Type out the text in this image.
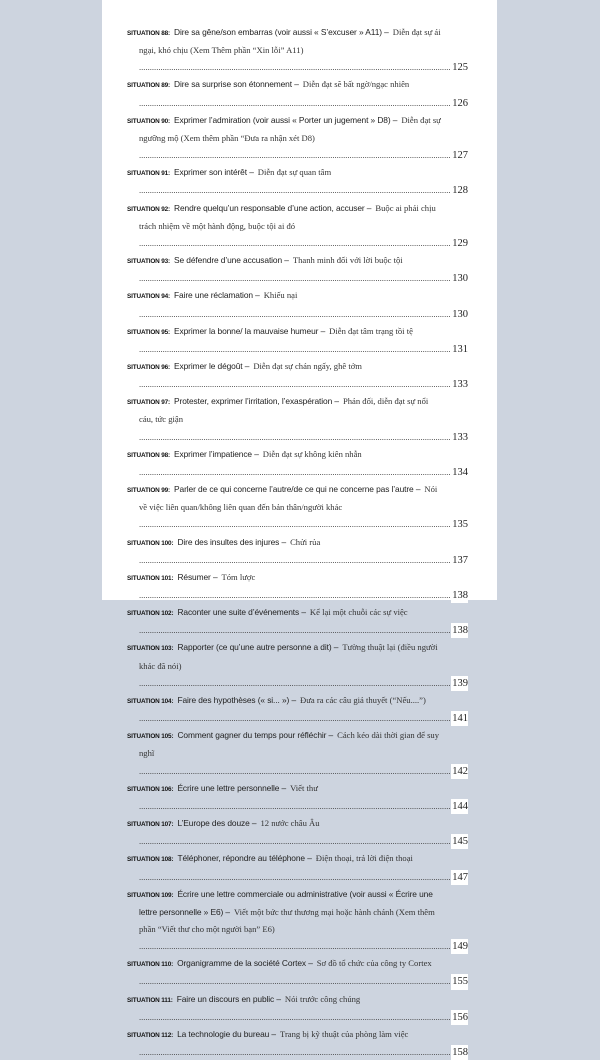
SITUATION 88: Dire sa gêne/son embarras (voir aussi « S’excuser » A11) – Diễn đạt sự ái ngại, khó chịu (Xem Thêm phần “Xin lỗi” A11) .....
125
SITUATION 89: Dire sa surprise son étonnement – Diễn đạt sẽ bất ngờ/ngạc nhiên .....
126
SITUATION 90: Exprimer l’admiration (voir aussi « Porter un jugement » D8) – Diễn đạt sự ngưỡng mộ (Xem thêm phần “Đưa ra nhận xét D8) .....
127
SITUATION 91: Exprimer son intérêt – Diễn đạt sự quan tâm .....
128
SITUATION 92: Rendre quelqu’un responsable d’une action, accuser – Buộc ai phải chịu trách nhiệm về một hành động, buộc tội ai đó .....
129
SITUATION 93: Se défendre d’une accusation – Thanh minh đối với lời buộc tội .....
130
SITUATION 94: Faire une réclamation – Khiếu nại .....
130
SITUATION 95: Exprimer la bonne/ la mauvaise humeur – Diễn đạt tâm trạng tồi tệ .....
131
SITUATION 96: Exprimer le dégoût – Diễn đạt sự chán ngấy, ghê tởm .....
133
SITUATION 97: Protester, exprimer l’irritation, l’exaspération – Phản đối, diễn đạt sự nổi cáu, tức giận .....
133
SITUATION 98: Exprimer l’impatience – Diễn đạt sự không kiên nhẫn .....
134
SITUATION 99: Parler de ce qui concerne l’autre/de ce qui ne concerne pas l’autre – Nói về việc liên quan/không liên quan đến bản thân/người khác .....
135
SITUATION 100: Dire des insultes des injures – Chửi rủa .....
137
SITUATION 101: Résumer – Tóm lược .....
138
SITUATION 102: Raconter une suite d’événements – Kể lại một chuỗi các sự việc .....
138
SITUATION 103: Rapporter (ce qu’une autre personne a dit) – Tường thuật lại (điều người khác đã nói) .....
139
SITUATION 104: Faire des hypothèses (« si... ») – Đưa ra các câu giả thuyết (“Nếu....”) .....
141
SITUATION 105: Comment gagner du temps pour réfléchir – Cách kéo dài thời gian để suy nghĩ .....
142
SITUATION 106: Écrire une lettre personnelle – Viết thư .....
144
SITUATION 107: L’Europe des douze – 12 nước châu Âu .....
145
SITUATION 108: Téléphoner, répondre au téléphone – Điện thoại, trả lời điện thoại .....
147
SITUATION 109: Écrire une lettre commerciale ou administrative (voir aussi « Écrire une lettre personnelle » E6) – Viết một bức thư thương mại hoặc hành chánh (Xem thêm phần “Viết thư cho một người bạn” E6) .....
149
SITUATION 110: Organigramme de la société Cortex – Sơ đồ tổ chức của công ty Cortex .....
155
SITUATION 111: Faire un discours en public – Nói trước công chúng .....
156
SITUATION 112: La technologie du bureau – Trang bị kỹ thuật của phòng làm việc .....
158
